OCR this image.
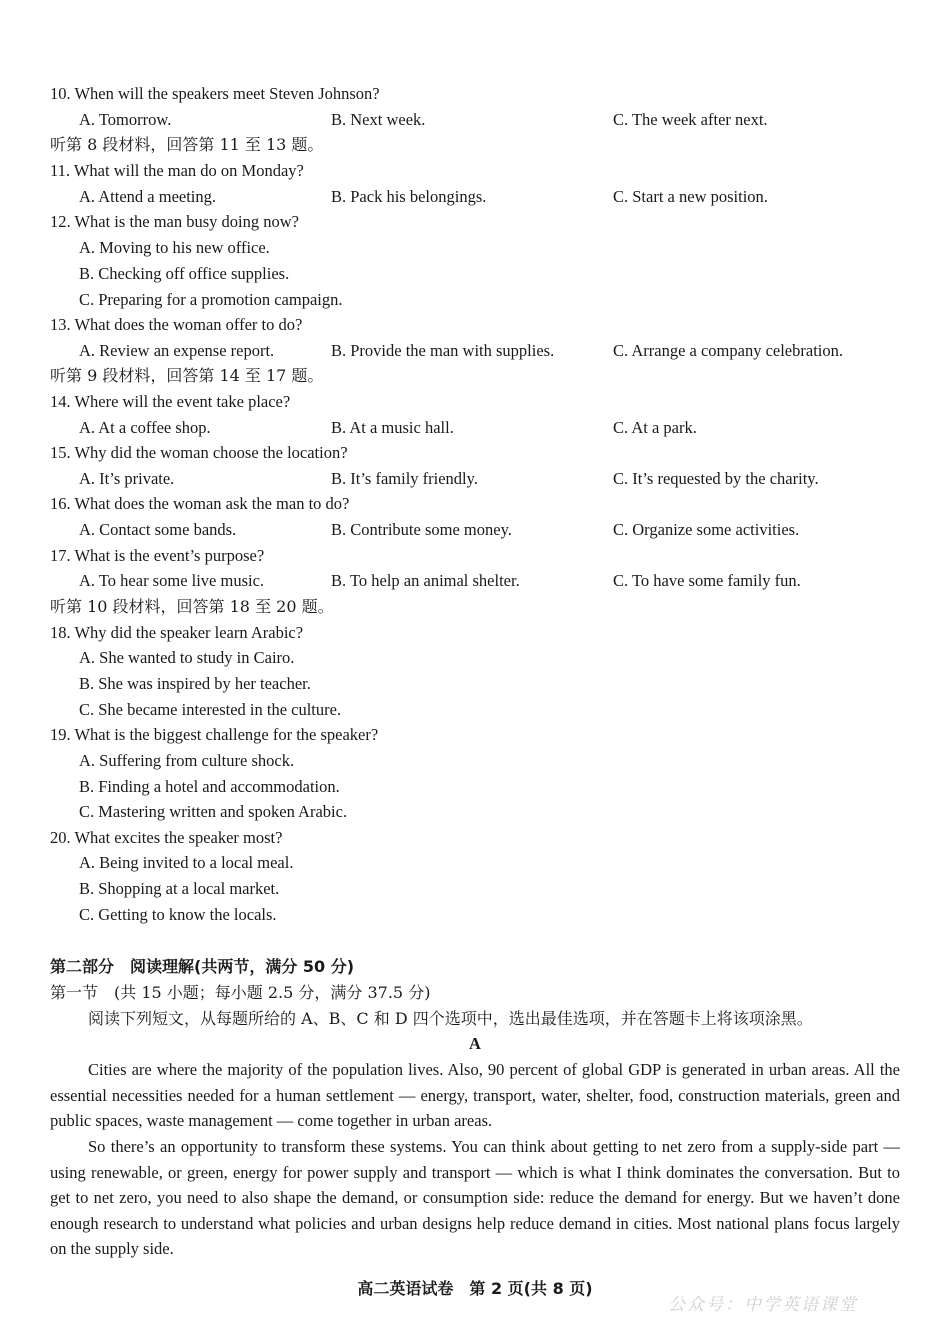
10. When will the speakers meet Steven Johnson?
A. Tomorrow.	B. Next week.	C. The week after next.
听第 8 段材料，回答第 11 至 13 题。
11. What will the man do on Monday?
A. Attend a meeting.	B. Pack his belongings.	C. Start a new position.
12. What is the man busy doing now?
A. Moving to his new office.
B. Checking off office supplies.
C. Preparing for a promotion campaign.
13. What does the woman offer to do?
A. Review an expense report.	B. Provide the man with supplies.	C. Arrange a company celebration.
听第 9 段材料，回答第 14 至 17 题。
14. Where will the event take place?
A. At a coffee shop.	B. At a music hall.	C. At a park.
15. Why did the woman choose the location?
A. It’s private.	B. It’s family friendly.	C. It’s requested by the charity.
16. What does the woman ask the man to do?
A. Contact some bands.	B. Contribute some money.	C. Organize some activities.
17. What is the event’s purpose?
A. To hear some live music.	B. To help an animal shelter.	C. To have some family fun.
听第 10 段材料，回答第 18 至 20 题。
18. Why did the speaker learn Arabic?
A. She wanted to study in Cairo.
B. She was inspired by her teacher.
C. She became interested in the culture.
19. What is the biggest challenge for the speaker?
A. Suffering from culture shock.
B. Finding a hotel and accommodation.
C. Mastering written and spoken Arabic.
20. What excites the speaker most?
A. Being invited to a local meal.
B. Shopping at a local market.
C. Getting to know the locals.
第二部分　阅读理解(共两节，满分 50 分)
第一节　(共 15 小题；每小题 2.5 分，满分 37.5 分)
阅读下列短文，从每题所给的 A、B、C 和 D 四个选项中，选出最佳选项，并在答题卡上将该项涂黑。
A
Cities are where the majority of the population lives. Also, 90 percent of global GDP is generated in urban areas. All the essential necessities needed for a human settlement — energy, transport, water, shelter, food, construction materials, green and public spaces, waste management — come together in urban areas.
So there’s an opportunity to transform these systems. You can think about getting to net zero from a supply-side part — using renewable, or green, energy for power supply and transport — which is what I think dominates the conversation. But to get to net zero, you need to also shape the demand, or consumption side: reduce the demand for energy. But we haven’t done enough research to understand what policies and urban designs help reduce demand in cities. Most national plans focus largely on the supply side.
高二英语试卷　第 2 页(共 8 页)
公众号：中学英语课堂
